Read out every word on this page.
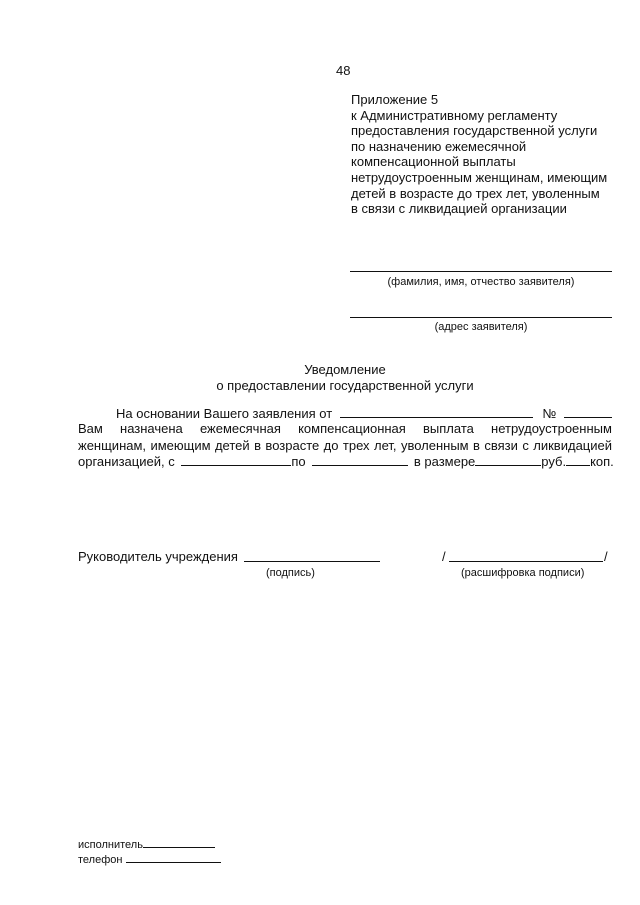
48
Приложение 5
к Административному регламенту
предоставления государственной услуги
по назначению ежемесячной
компенсационной выплаты
нетрудоустроенным женщинам, имеющим
детей в возрасте до трех лет, уволенным
в связи с ликвидацией организации
(фамилия, имя, отчество заявителя)
(адрес заявителя)
Уведомление
о предоставлении государственной услуги
На основании Вашего заявления от	№
Вам назначена ежемесячная компенсационная выплата нетрудоустроенным
женщинам, имеющим детей в возрасте до трех лет, уволенным в связи с ликвидацией
организацией, с	по	в размере	руб. коп.
Руководитель учреждения
(подпись)
/	/
(расшифровка подписи)
исполнитель
телефон
